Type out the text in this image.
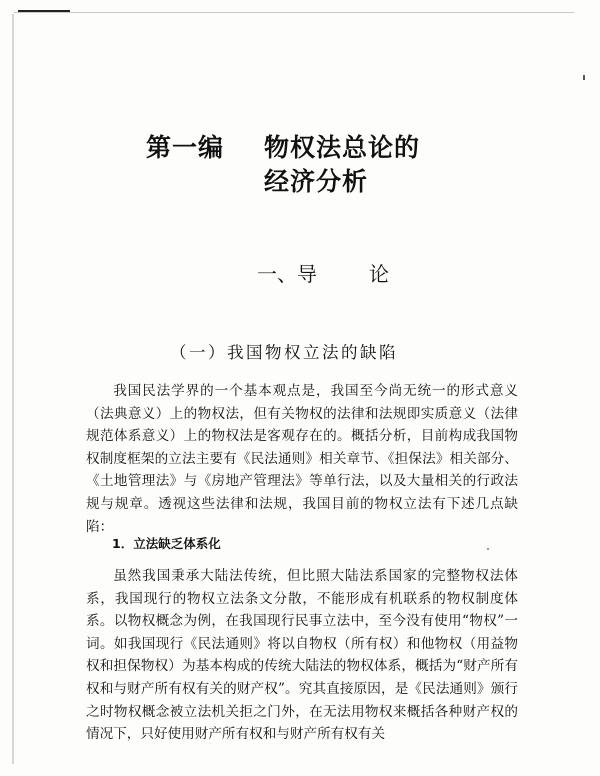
第一编 物权法总论的
经济分析
一、导	论
（一）我国物权立法的缺陷

我国民法学界的一个基本观点是，我国至今尚无统一的形式意义（法典意义）上的物权法，但有关物权的法律和法规即实质意义（法律规范体系意义）上的物权法是客观存在的。概括分析，目前构成我国物权制度框架的立法主要有《民法通则》相关章节、《担保法》相关部分、《土地管理法》与《房地产管理法》等单行法，以及大量相关的行政法规与规章。透视这些法律和法规，我国目前的物权立法有下述几点缺陷：

1．立法缺乏体系化

虽然我国秉承大陆法传统，但比照大陆法系国家的完整物权法体系，我国现行的物权立法条文分散，不能形成有机联系的物权制度体系。以物权概念为例，在我国现行民事立法中，至今没有使用“物权”一词。如我国现行《民法通则》将以自物权（所有权）和他物权（用益物权和担保物权）为基本构成的传统大陆法的物权体系，概括为“财产所有权和与财产所有权有关的财产权”。究其直接原因，是《民法通则》颁行之时物权概念被立法机关拒之门外，在无法用物权来概括各种财产权的情况下，只好使用财产所有权和与财产所有权有关
